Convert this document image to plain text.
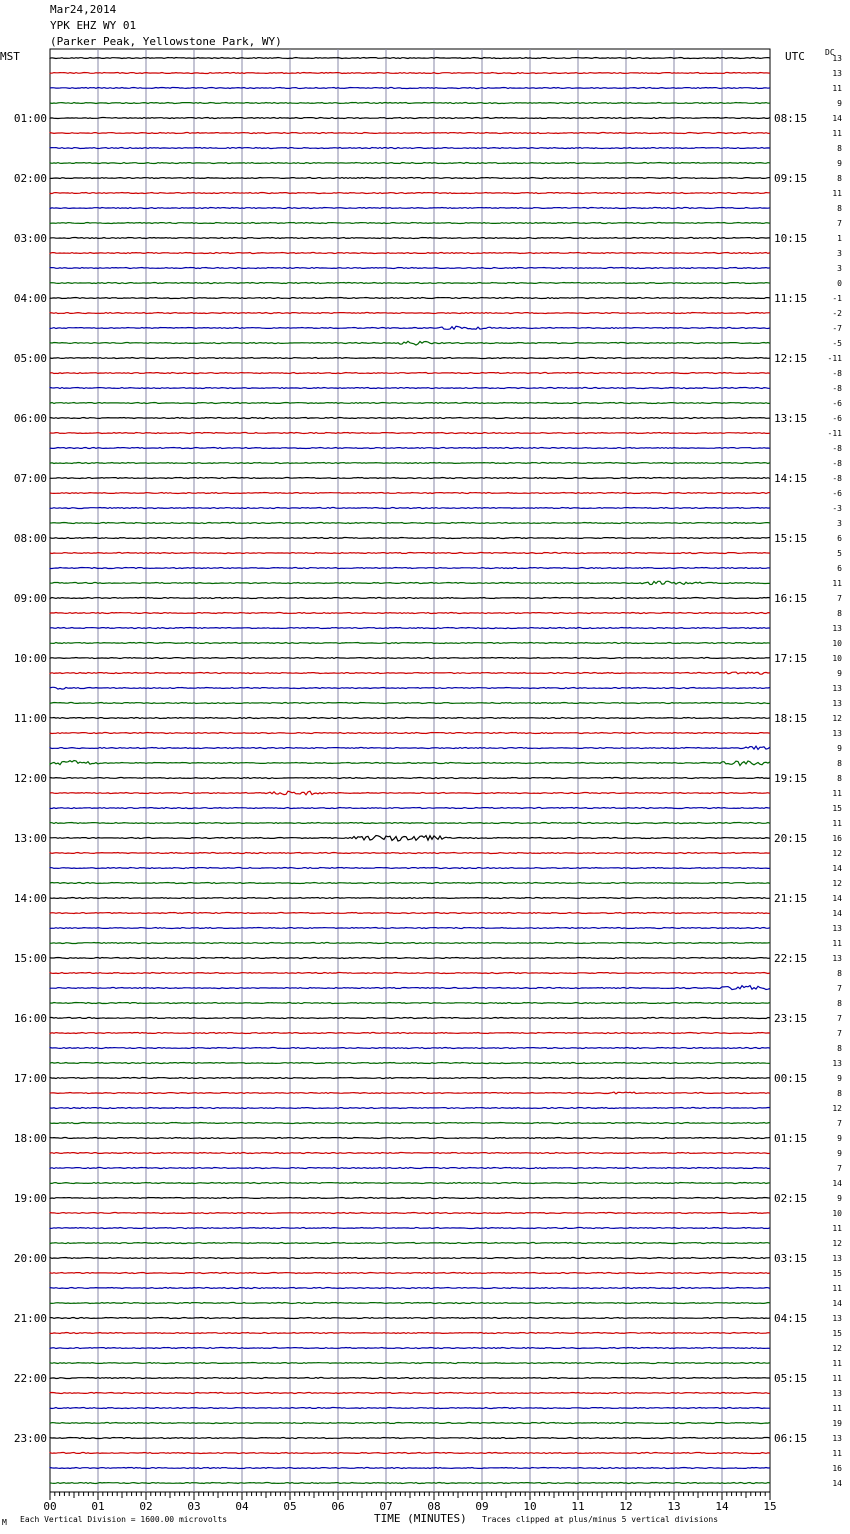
Mar24,2014
YPK EHZ WY 01
(Parker Peak, Yellowstone Park, WY)
MST	UTC	DC
13
13
11
9
14
11
8
9
8
11
8
7
1
3
3
0
-1
-2
-7
-5
-11
-8
-8
-6
-6
-11
-8
-8
-8
-6
-3
3
6
5
6
11
7
8
13
10
10
9
13
13
12
13
9
8
8
11
15
11
16
12
14
12
14
14
13
11
13
8
7
8
7
7
8
13
9
8
12
7
9
9
7
14
9
10
11
12
13
15
11
14
13
15
12
11
11
13
11
19
13
11
16
14
01:00	08:15
02:00	09:15
03:00	10:15
04:00	11:15
05:00	12:15
06:00	13:15
07:00	14:15
08:00	15:15
09:00	16:15
10:00	17:15
11:00	18:15
12:00	19:15
13:00	20:15
14:00	21:15
15:00	22:15
16:00	23:15
17:00	00:15
18:00	01:15
19:00	02:15
20:00	03:15
21:00	04:15
22:00	05:15
23:00	06:15
00	01	02	03	04	05	06	07	08	09	10	11	12	13	14	15
M Each Vertical Division = 1600.00 microvolts	TIME (MINUTES) Traces clipped at plus/minus 5 vertical divisions
